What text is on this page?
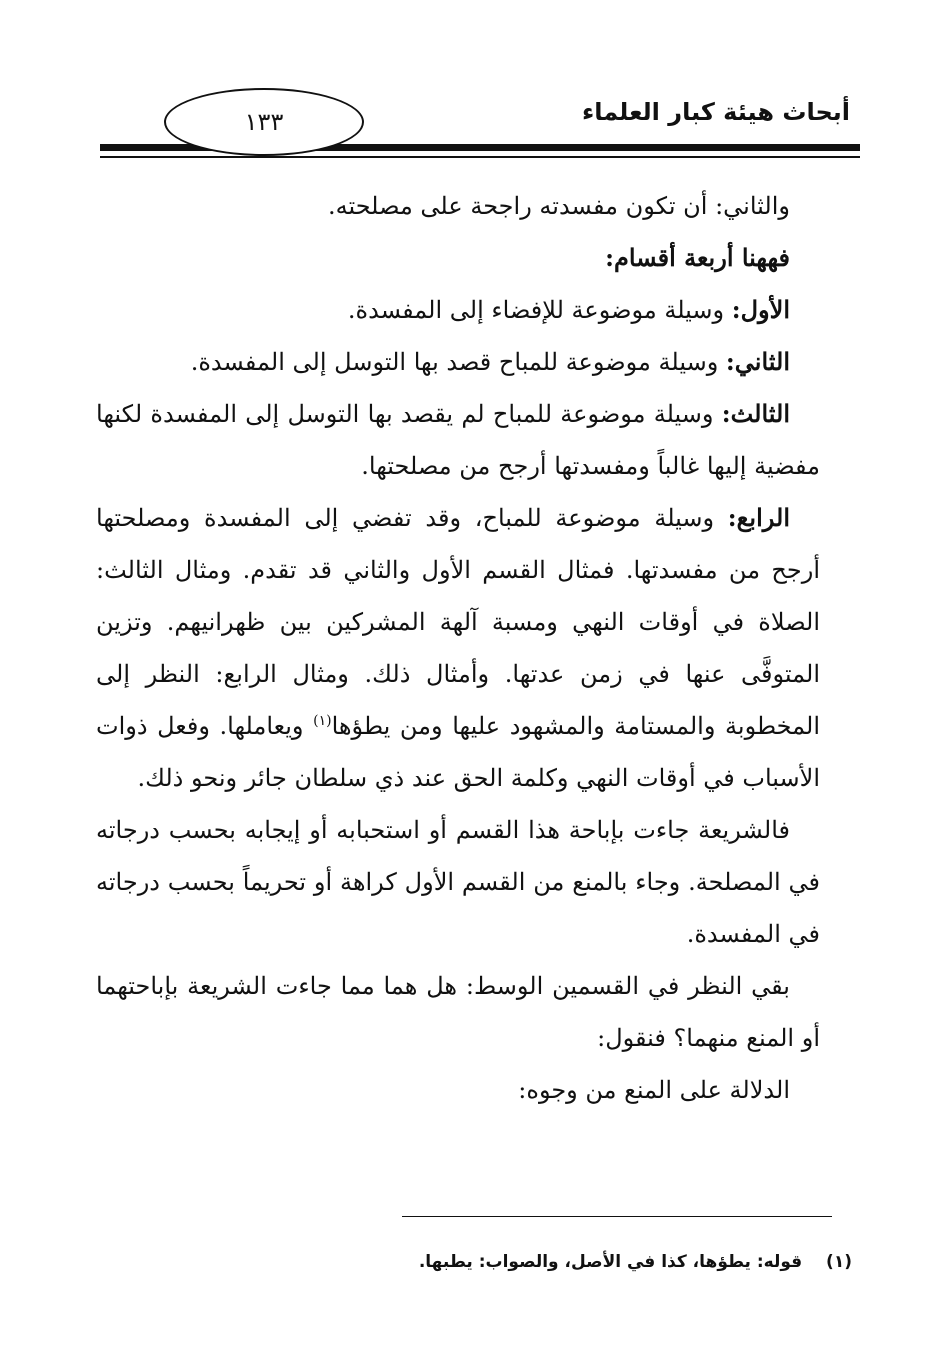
١٣٣	أبحاث هيئة كبار العلماء

والثاني: أن تكون مفسدته راجحة على مصلحته.

فههنا أربعة أقسام:

الأول: وسيلة موضوعة للإفضاء إلى المفسدة.

الثاني: وسيلة موضوعة للمباح قصد بها التوسل إلى المفسدة.

الثالث: وسيلة موضوعة للمباح لم يقصد بها التوسل إلى المفسدة لكنها مفضية إليها غالباً ومفسدتها أرجح من مصلحتها.

الرابع: وسيلة موضوعة للمباح، وقد تفضي إلى المفسدة ومصلحتها أرجح من مفسدتها. فمثال القسم الأول والثاني قد تقدم. ومثال الثالث: الصلاة في أوقات النهي ومسبة آلهة المشركين بين ظهرانيهم. وتزين المتوفَّى عنها في زمن عدتها. وأمثال ذلك. ومثال الرابع: النظر إلى المخطوبة والمستامة والمشهود عليها ومن يطؤها$^{(١)}$ ويعاملها. وفعل ذوات الأسباب في أوقات النهي وكلمة الحق عند ذي سلطان جائر ونحو ذلك.

فالشريعة جاءت بإباحة هذا القسم أو استحبابه أو إيجابه بحسب درجاته في المصلحة. وجاء بالمنع من القسم الأول كراهة أو تحريماً بحسب درجاته في المفسدة.

بقي النظر في القسمين الوسط: هل هما مما جاءت الشريعة بإباحتهما أو المنع منهما؟ فنقول:

الدلالة على المنع من وجوه:

(١) قوله: يطؤها، كذا في الأصل، والصواب: يطبها.
